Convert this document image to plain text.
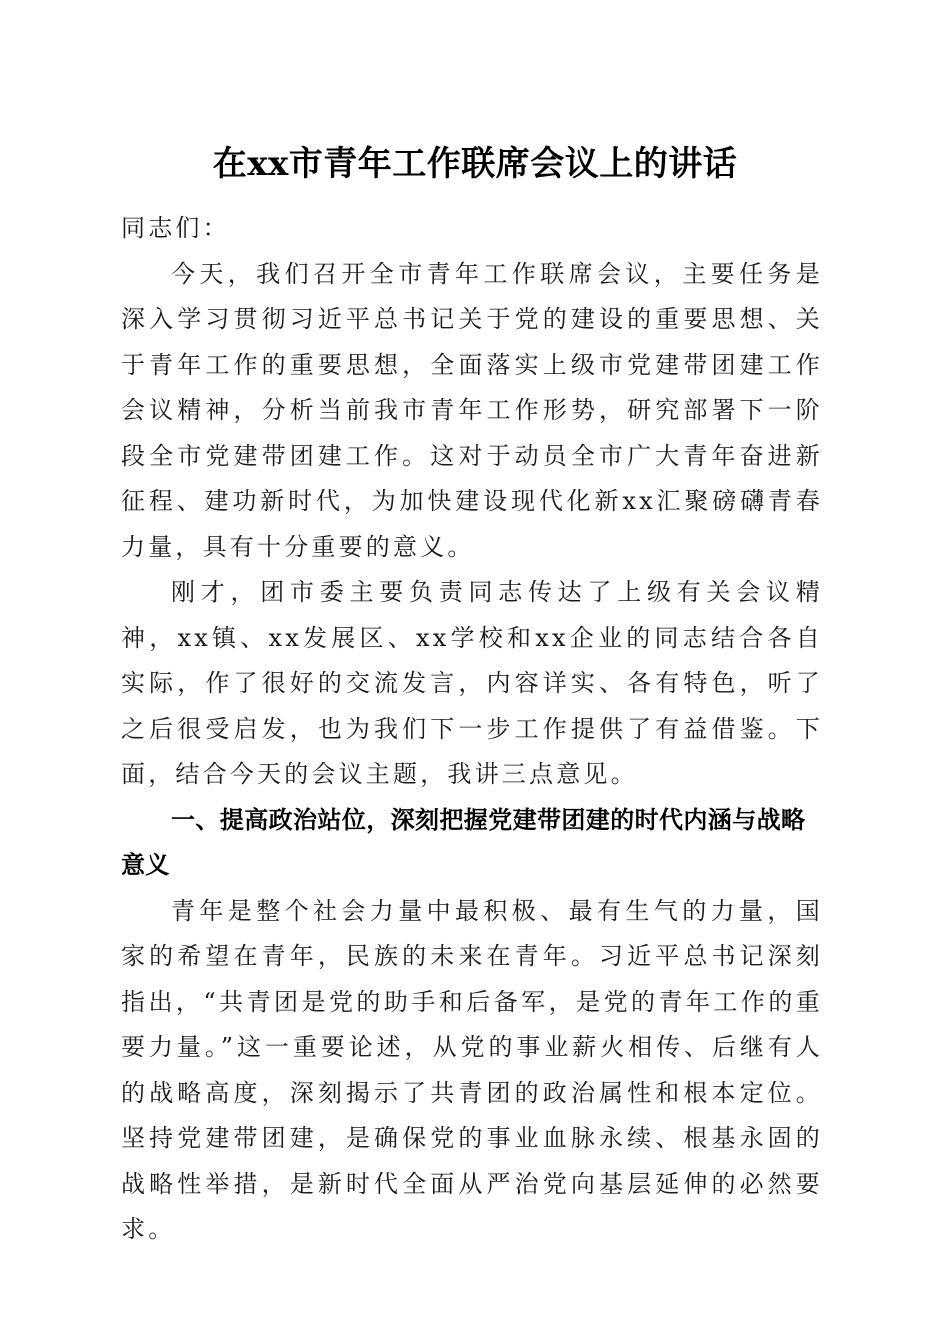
在xx市青年工作联席会议上的讲话

同志们：

今天，我们召开全市青年工作联席会议，主要任务是深入学习贯彻习近平总书记关于党的建设的重要思想、关于青年工作的重要思想，全面落实上级市党建带团建工作会议精神，分析当前我市青年工作形势，研究部署下一阶段全市党建带团建工作。这对于动员全市广大青年奋进新征程、建功新时代，为加快建设现代化新xx汇聚磅礴青春力量，具有十分重要的意义。

刚才，团市委主要负责同志传达了上级有关会议精神，xx镇、xx发展区、xx学校和xx企业的同志结合各自实际，作了很好的交流发言，内容详实、各有特色，听了之后很受启发，也为我们下一步工作提供了有益借鉴。下面，结合今天的会议主题，我讲三点意见。

一、提高政治站位，深刻把握党建带团建的时代内涵与战略意义

青年是整个社会力量中最积极、最有生气的力量，国家的希望在青年，民族的未来在青年。习近平总书记深刻指出，“共青团是党的助手和后备军，是党的青年工作的重要力量。”这一重要论述，从党的事业薪火相传、后继有人的战略高度，深刻揭示了共青团的政治属性和根本定位。坚持党建带团建，是确保党的事业血脉永续、根基永固的战略性举措，是新时代全面从严治党向基层延伸的必然要求。
